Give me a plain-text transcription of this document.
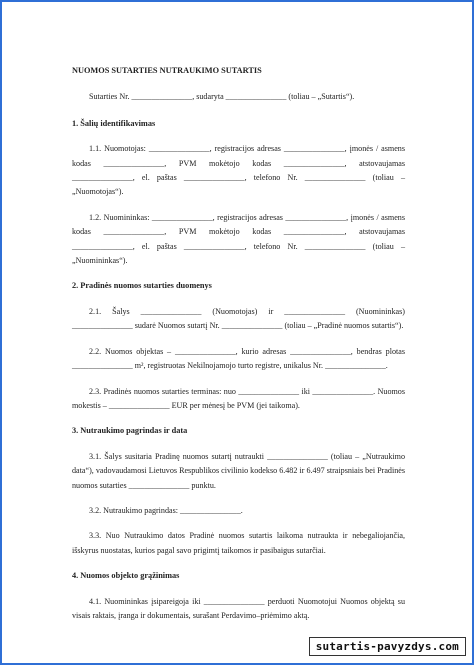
NUOMOS SUTARTIES NUTRAUKIMO SUTARTIS
Sutarties Nr. _______________, sudaryta _______________ (toliau – „Sutartis“).
1. Šalių identifikavimas
1.1. Nuomotojas: _______________, registracijos adresas _______________, įmonės / asmens kodas _______________, PVM mokėtojo kodas _______________, atstovaujamas _______________, el. paštas _______________, telefono Nr. _______________ (toliau – „Nuomotojas“).
1.2. Nuomininkas: _______________, registracijos adresas _______________, įmonės / asmens kodas _______________, PVM mokėtojo kodas _______________, atstovaujamas _______________, el. paštas _______________, telefono Nr. _______________ (toliau – „Nuomininkas“).
2. Pradinės nuomos sutarties duomenys
2.1. Šalys _______________ (Nuomotojas) ir _______________ (Nuomininkas) _______________ sudarė Nuomos sutartį Nr. _______________ (toliau – „Pradinė nuomos sutartis“).
2.2. Nuomos objektas – _______________, kurio adresas _______________, bendras plotas _______________ m², registruotas Nekilnojamojo turto registre, unikalus Nr. _______________.
2.3. Pradinės nuomos sutarties terminas: nuo _______________ iki _______________. Nuomos mokestis – _______________ EUR per mėnesį be PVM (jei taikoma).
3. Nutraukimo pagrindas ir data
3.1. Šalys susitaria Pradinę nuomos sutartį nutraukti _______________ (toliau – „Nutraukimo data“), vadovaudamosi Lietuvos Respublikos civilinio kodekso 6.482 ir 6.497 straipsniais bei Pradinės nuomos sutarties _______________ punktu.
3.2. Nutraukimo pagrindas: _______________.
3.3. Nuo Nutraukimo datos Pradinė nuomos sutartis laikoma nutraukta ir nebegaliojančia, išskyrus nuostatas, kurios pagal savo prigimtį taikomos ir pasibaigus sutarčiai.
4. Nuomos objekto grąžinimas
4.1. Nuomininkas įsipareigoja iki _______________ perduoti Nuomotojui Nuomos objektą su visais raktais, įranga ir dokumentais, surašant Perdavimo–priėmimo aktą.
sutartis-pavyzdys.com
